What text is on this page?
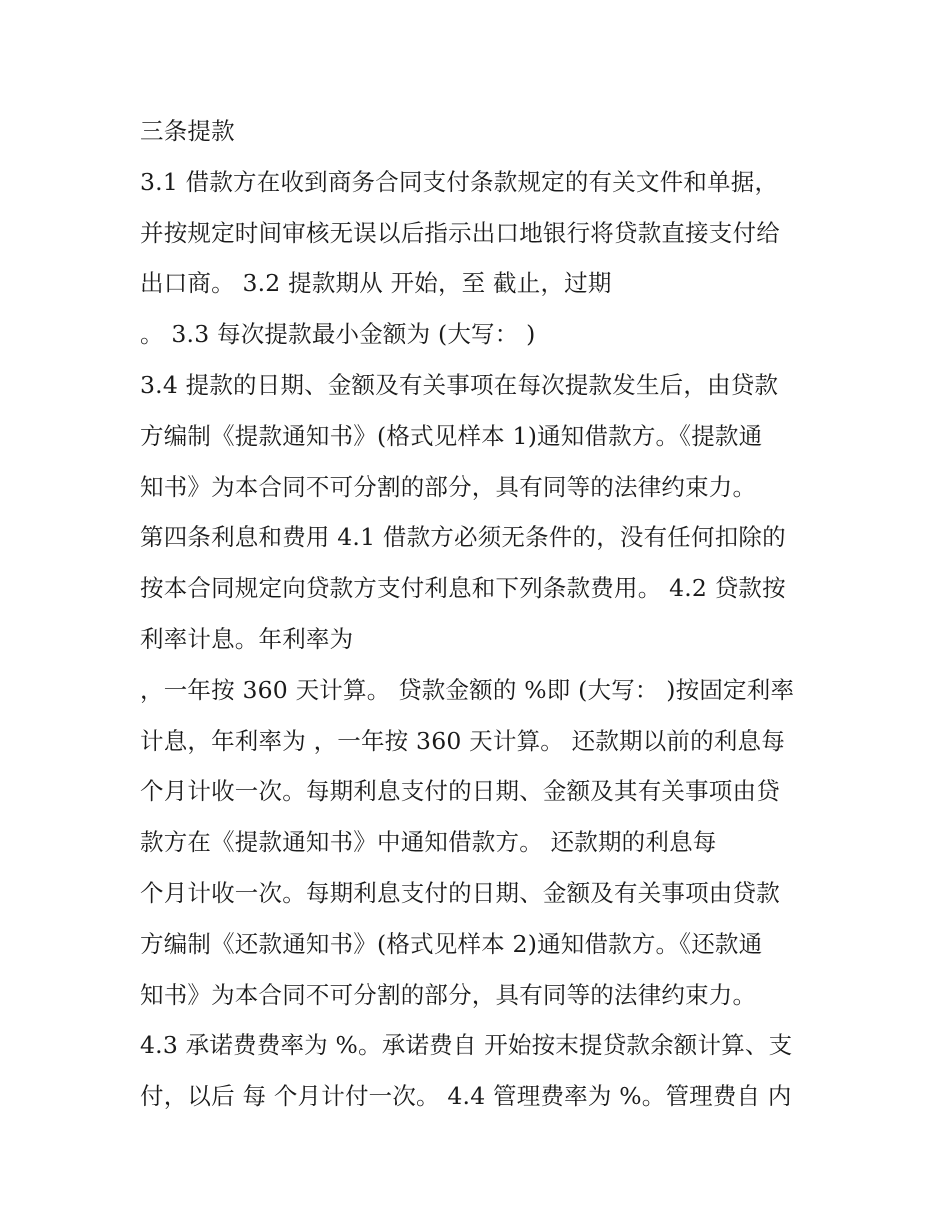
三条提款
3.1 借款方在收到商务合同支付条款规定的有关文件和单据，
并按规定时间审核无误以后指示出口地银行将贷款直接支付给
出口商。 3.2 提款期从 开始，至 截止，过期
。 3.3 每次提款最小金额为 (大写： )
3.4 提款的日期、金额及有关事项在每次提款发生后，由贷款
方编制《提款通知书》(格式见样本 1)通知借款方。《提款通
知书》为本合同不可分割的部分，具有同等的法律约束力。
第四条利息和费用 4.1 借款方必须无条件的，没有任何扣除的
按本合同规定向贷款方支付利息和下列条款费用。 4.2 贷款按
利率计息。年利率为
，一年按 360 天计算。 贷款金额的 %即 (大写： )按固定利率
计息，年利率为 ，一年按 360 天计算。 还款期以前的利息每
个月计收一次。每期利息支付的日期、金额及其有关事项由贷
款方在《提款通知书》中通知借款方。 还款期的利息每
个月计收一次。每期利息支付的日期、金额及有关事项由贷款
方编制《还款通知书》(格式见样本 2)通知借款方。《还款通
知书》为本合同不可分割的部分，具有同等的法律约束力。
4.3 承诺费费率为 %。承诺费自 开始按末提贷款余额计算、支
付，以后 每 个月计付一次。 4.4 管理费率为 %。管理费自 内
